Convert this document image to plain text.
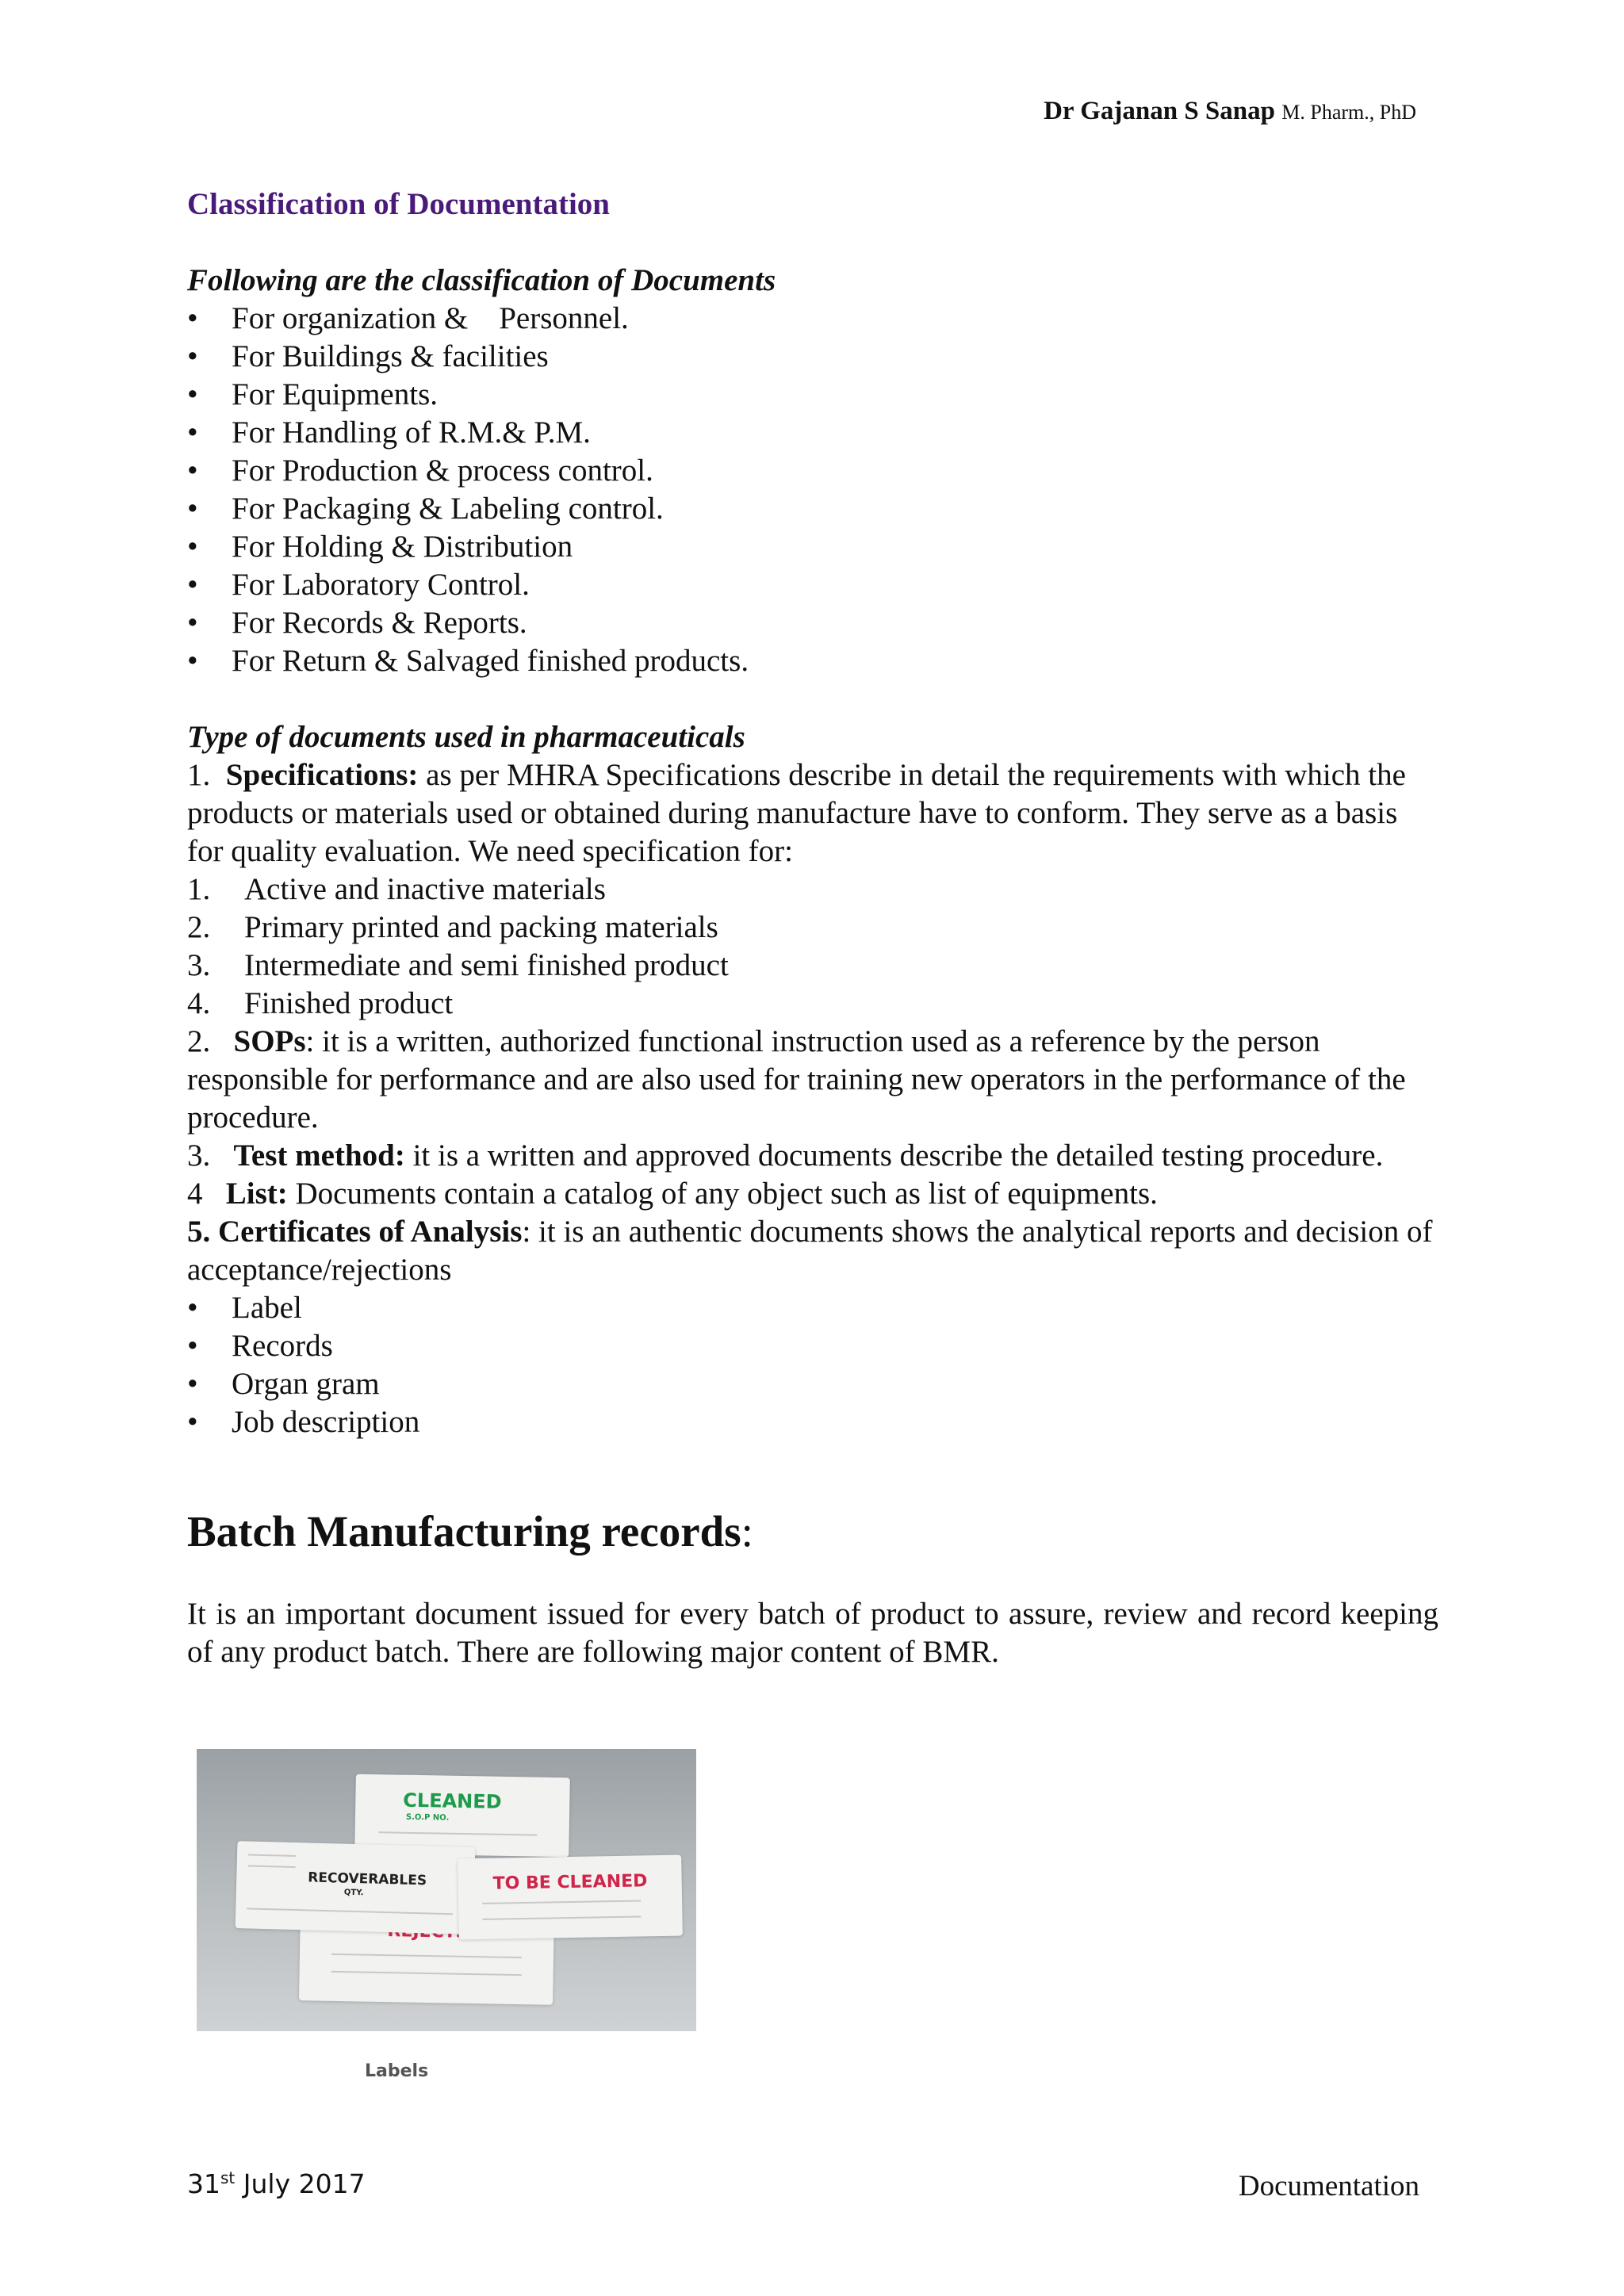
Dr Gajanan S Sanap M. Pharm., PhD
Classification of Documentation

Following are the classification of Documents

•	For organization &    Personnel.
•	For Buildings & facilities
•	For Equipments.
•	For Handling of R.M.& P.M.
•	For Production & process control.
•	For Packaging & Labeling control.
•	For Holding & Distribution
•	For Laboratory Control.
•	For Records & Reports.
•	For Return & Salvaged finished products.

Type of documents used in pharmaceuticals

1. Specifications: as per MHRA Specifications describe in detail the requirements with which the products or materials used or obtained during manufacture have to conform. They serve as a basis for quality evaluation. We need specification for:

1.	Active and inactive materials
2.	Primary printed and packing materials
3.	Intermediate and semi finished product
4.	Finished product

2. SOPs: it is a written, authorized functional instruction used as a reference by the person responsible for performance and are also used for training new operators in the performance of the procedure.

3. Test method: it is a written and approved documents describe the detailed testing procedure.

4 List: Documents contain a catalog of any object such as list of equipments.

5. Certificates of Analysis: it is an authentic documents shows the analytical reports and decision of acceptance/rejections

•	Label
•	Records
•	Organ gram
•	Job description
Batch Manufacturing records:
It is an important document issued for every batch of product to assure, review and record keeping of any product batch. There are following major content of BMR.
CLEANED
S.O.P NO.
RECOVERABLES
QTY.	TO BE CLEANED
Labels
31st July 2017	Documentation
